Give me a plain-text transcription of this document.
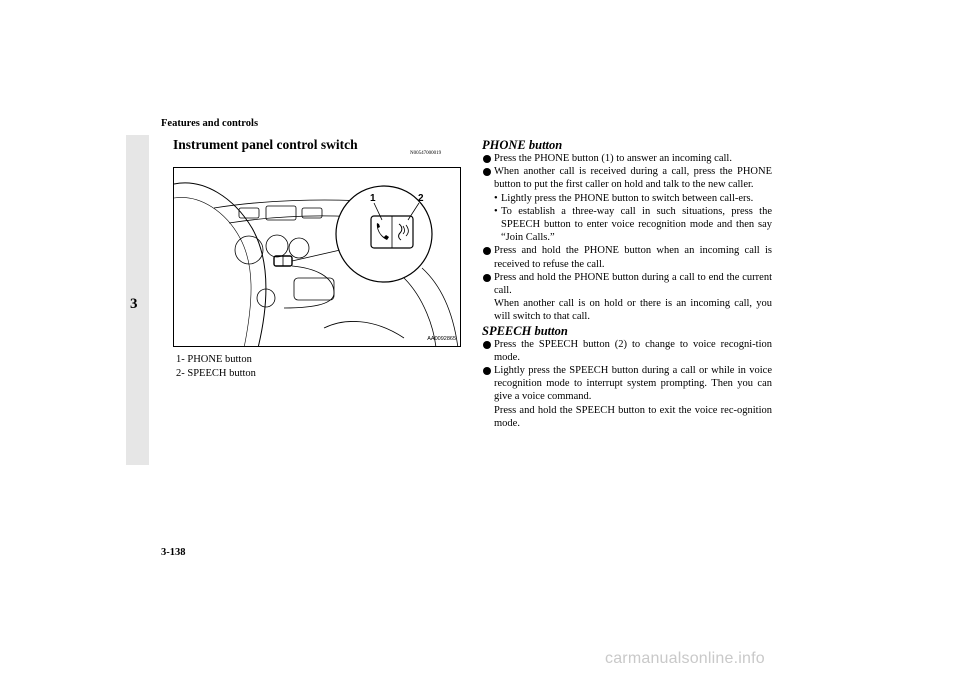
Features and controls
3
Instrument panel control switch
N00547000019
1	2
AA0092865
1- PHONE button
2- SPEECH button
PHONE button
Press the PHONE button (1) to answer an incoming call.
When another call is received during a call, press the PHONE button to put the first caller on hold and talk to the new caller.
• Lightly press the PHONE button to switch between call-ers.
• To establish a three-way call in such situations, press the SPEECH button to enter voice recognition mode and then say “Join Calls.”
Press and hold the PHONE button when an incoming call is received to refuse the call.
Press and hold the PHONE button during a call to end the current call.
When another call is on hold or there is an incoming call, you will switch to that call.
SPEECH button
Press the SPEECH button (2) to change to voice recogni-tion mode.
Lightly press the SPEECH button during a call or while in voice recognition mode to interrupt system prompting. Then you can give a voice command.
Press and hold the SPEECH button to exit the voice rec-ognition mode.
3-138
carmanualsonline.info
